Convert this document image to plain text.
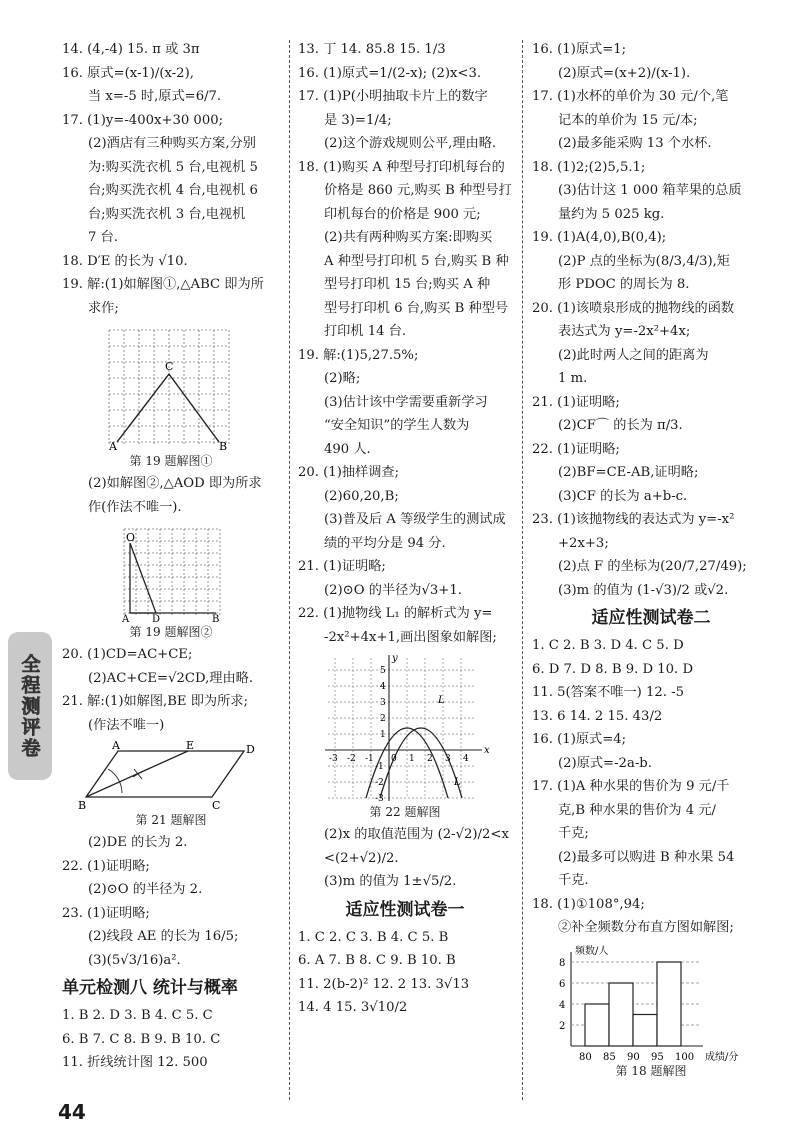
全程测评卷
14. (4,-4) 15. π 或 3π
16. 原式=(x-1)/(x-2),
当 x=-5 时,原式=6/7.
17. (1)y=-400x+30 000;
(2)酒店有三种购买方案,分别
为:购买洗衣机 5 台,电视机 5
台;购买洗衣机 4 台,电视机 6
台;购买洗衣机 3 台,电视机
7 台.
18. D′E 的长为 √10.
19. 解:(1)如解图①,△ABC 即为所
求作;
A	B
C
第 19 题解图①
(2)如解图②,△AOD 即为所求
作(作法不唯一).
O
A D	B
第 19 题解图②
20. (1)CD=AC+CE;
(2)AC+CE=√2CD,理由略.
21. 解:(1)如解图,BE 即为所求;
(作法不唯一)
A	E	D
B	C
第 21 题解图
(2)DE 的长为 2.
22. (1)证明略;
(2)⊙O 的半径为 2.
23. (1)证明略;
(2)线段 AE 的长为 16/5;
(3)(5√3/16)a².
单元检测八 统计与概率
1. B 2. D 3. B 4. C 5. C
6. B 7. C 8. B 9. B 10. C
11. 折线统计图 12. 500
13. 丁 14. 85.8 15. 1/3
16. (1)原式=1/(2-x); (2)x<3.
17. (1)P(小明抽取卡片上的数字
是 3)=1/4;
(2)这个游戏规则公平,理由略.
18. (1)购买 A 种型号打印机每台的
价格是 860 元,购买 B 种型号打
印机每台的价格是 900 元;
(2)共有两种购买方案:即购买
A 种型号打印机 5 台,购买 B 种
型号打印机 15 台;购买 A 种
型号打印机 6 台,购买 B 种型号
打印机 14 台.
19. 解:(1)5,27.5%;
(2)略;
(3)估计该中学需要重新学习
“安全知识”的学生人数为
490 人.
20. (1)抽样调查;
(2)60,20,B;
(3)普及后 A 等级学生的测试成
绩的平均分是 94 分.
21. (1)证明略;
(2)⊙O 的半径为√3+1.
22. (1)抛物线 L₁ 的解析式为 y=
-2x²+4x+1,画出图象如解图;
x
y
L
L
-3 -2 -1 0 1 2 3 4
5
4
3
2
1
-1
-2
-3
第 22 题解图
(2)x 的取值范围为 (2-√2)/2<x
<(2+√2)/2.
(3)m 的值为 1±√5/2.
适应性测试卷一
1. C 2. C 3. B 4. C 5. B
6. A 7. B 8. C 9. B 10. B
11. 2(b-2)² 12. 2 13. 3√13
14. 4 15. 3√10/2
16. (1)原式=1;
(2)原式=(x+2)/(x-1).
17. (1)水杯的单价为 30 元/个,笔
记本的单价为 15 元/本;
(2)最多能采购 13 个水杯.
18. (1)2;(2)5,5.1;
(3)估计这 1 000 箱苹果的总质
量约为 5 025 kg.
19. (1)A(4,0),B(0,4);
(2)P 点的坐标为(8/3,4/3),矩
形 PDOC 的周长为 8.
20. (1)该喷泉形成的抛物线的函数
表达式为 y=-2x²+4x;
(2)此时两人之间的距离为
1 m.
21. (1)证明略;
(2)CF⌒ 的长为 π/3.
22. (1)证明略;
(2)BF=CE-AB,证明略;
(3)CF 的长为 a+b-c.
23. (1)该抛物线的表达式为 y=-x²
+2x+3;
(2)点 F 的坐标为(20/7,27/49);
(3)m 的值为 (1-√3)/2 或√2.
适应性测试卷二
1. C 2. B 3. D 4. C 5. D
6. D 7. D 8. B 9. D 10. D
11. 5(答案不唯一) 12. -5
13. 6 14. 2 15. 43/2
16. (1)原式=4;
(2)原式=-2a-b.
17. (1)A 种水果的售价为 9 元/千
克,B 种水果的售价为 4 元/
千克;
(2)最多可以购进 B 种水果 54
千克.
18. (1)①108°,94;
②补全频数分布直方图如解图;
80 85 90 95 100
2
4
6
8
频数/人
成绩/分
第 18 题解图
44
